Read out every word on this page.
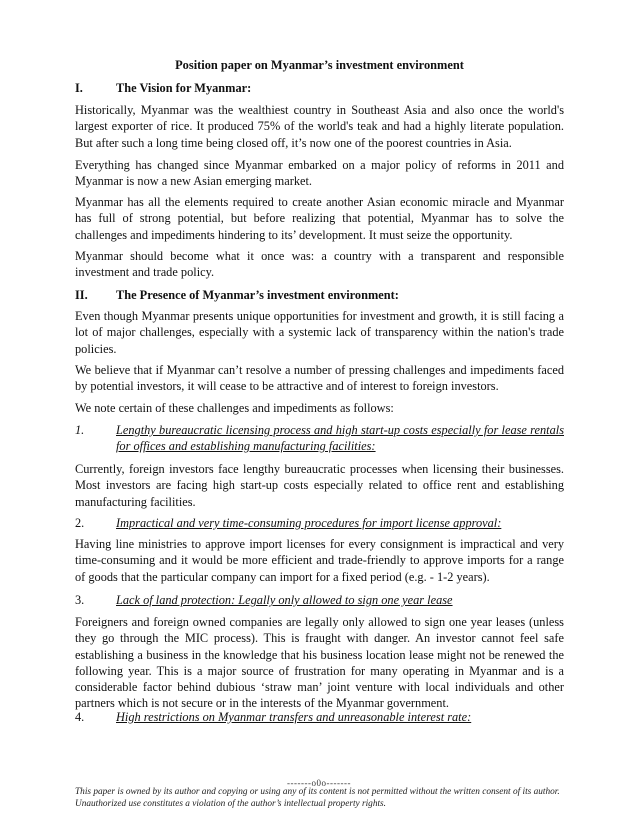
Position paper on Myanmar’s investment environment
I.	The Vision for Myanmar:
Historically, Myanmar was the wealthiest country in Southeast Asia and also once the world's largest exporter of rice. It produced 75% of the world's teak and had a highly literate population. But after such a long time being closed off, it’s now one of the poorest countries in Asia.
Everything has changed since Myanmar embarked on a major policy of reforms in 2011 and Myanmar is now a new Asian emerging market.
Myanmar has all the elements required to create another Asian economic miracle and Myanmar has full of strong potential, but before realizing that potential, Myanmar has to solve the challenges and impediments hindering to its’ development. It must seize the opportunity.
Myanmar should become what it once was: a country with a transparent and responsible investment and trade policy.
II. The Presence of Myanmar’s investment environment:
Even though Myanmar presents unique opportunities for investment and growth, it is still facing a lot of major challenges, especially with a systemic lack of transparency within the nation's trade policies.
We believe that if Myanmar can’t resolve a number of pressing challenges and impediments faced by potential investors, it will cease to be attractive and of interest to foreign investors.
We note certain of these challenges and impediments as follows:
1.	Lengthy bureaucratic licensing process and high start-up costs especially for lease rentals for offices and establishing manufacturing facilities:
Currently, foreign investors face lengthy bureaucratic processes when licensing their businesses. Most investors are facing high start-up costs especially related to office rent and establishing manufacturing facilities.
2.	Impractical and very time-consuming procedures for import license approval:
Having line ministries to approve import licenses for every consignment is impractical and very time-consuming and it would be more efficient and trade-friendly to approve imports for a range of goods that the particular company can import for a fixed period (e.g. - 1-2 years).
3.	Lack of land protection: Legally only allowed to sign one year lease
Foreigners and foreign owned companies are legally only allowed to sign one year leases (unless they go through the MIC process). This is fraught with danger. An investor cannot feel safe establishing a business in the knowledge that his business location lease might not be renewed the following year. This is a major source of frustration for many operating in Myanmar and is a considerable factor behind dubious ‘straw man’ joint venture with local individuals and other partners which is not secure or in the interests of the Myanmar government.
4.	High restrictions on Myanmar transfers and unreasonable interest rate:
-------o0o-------
This paper is owned by its author and copying or using any of its content is not permitted without the written consent of its author. Unauthorized use constitutes a violation of the author’s intellectual property rights.
